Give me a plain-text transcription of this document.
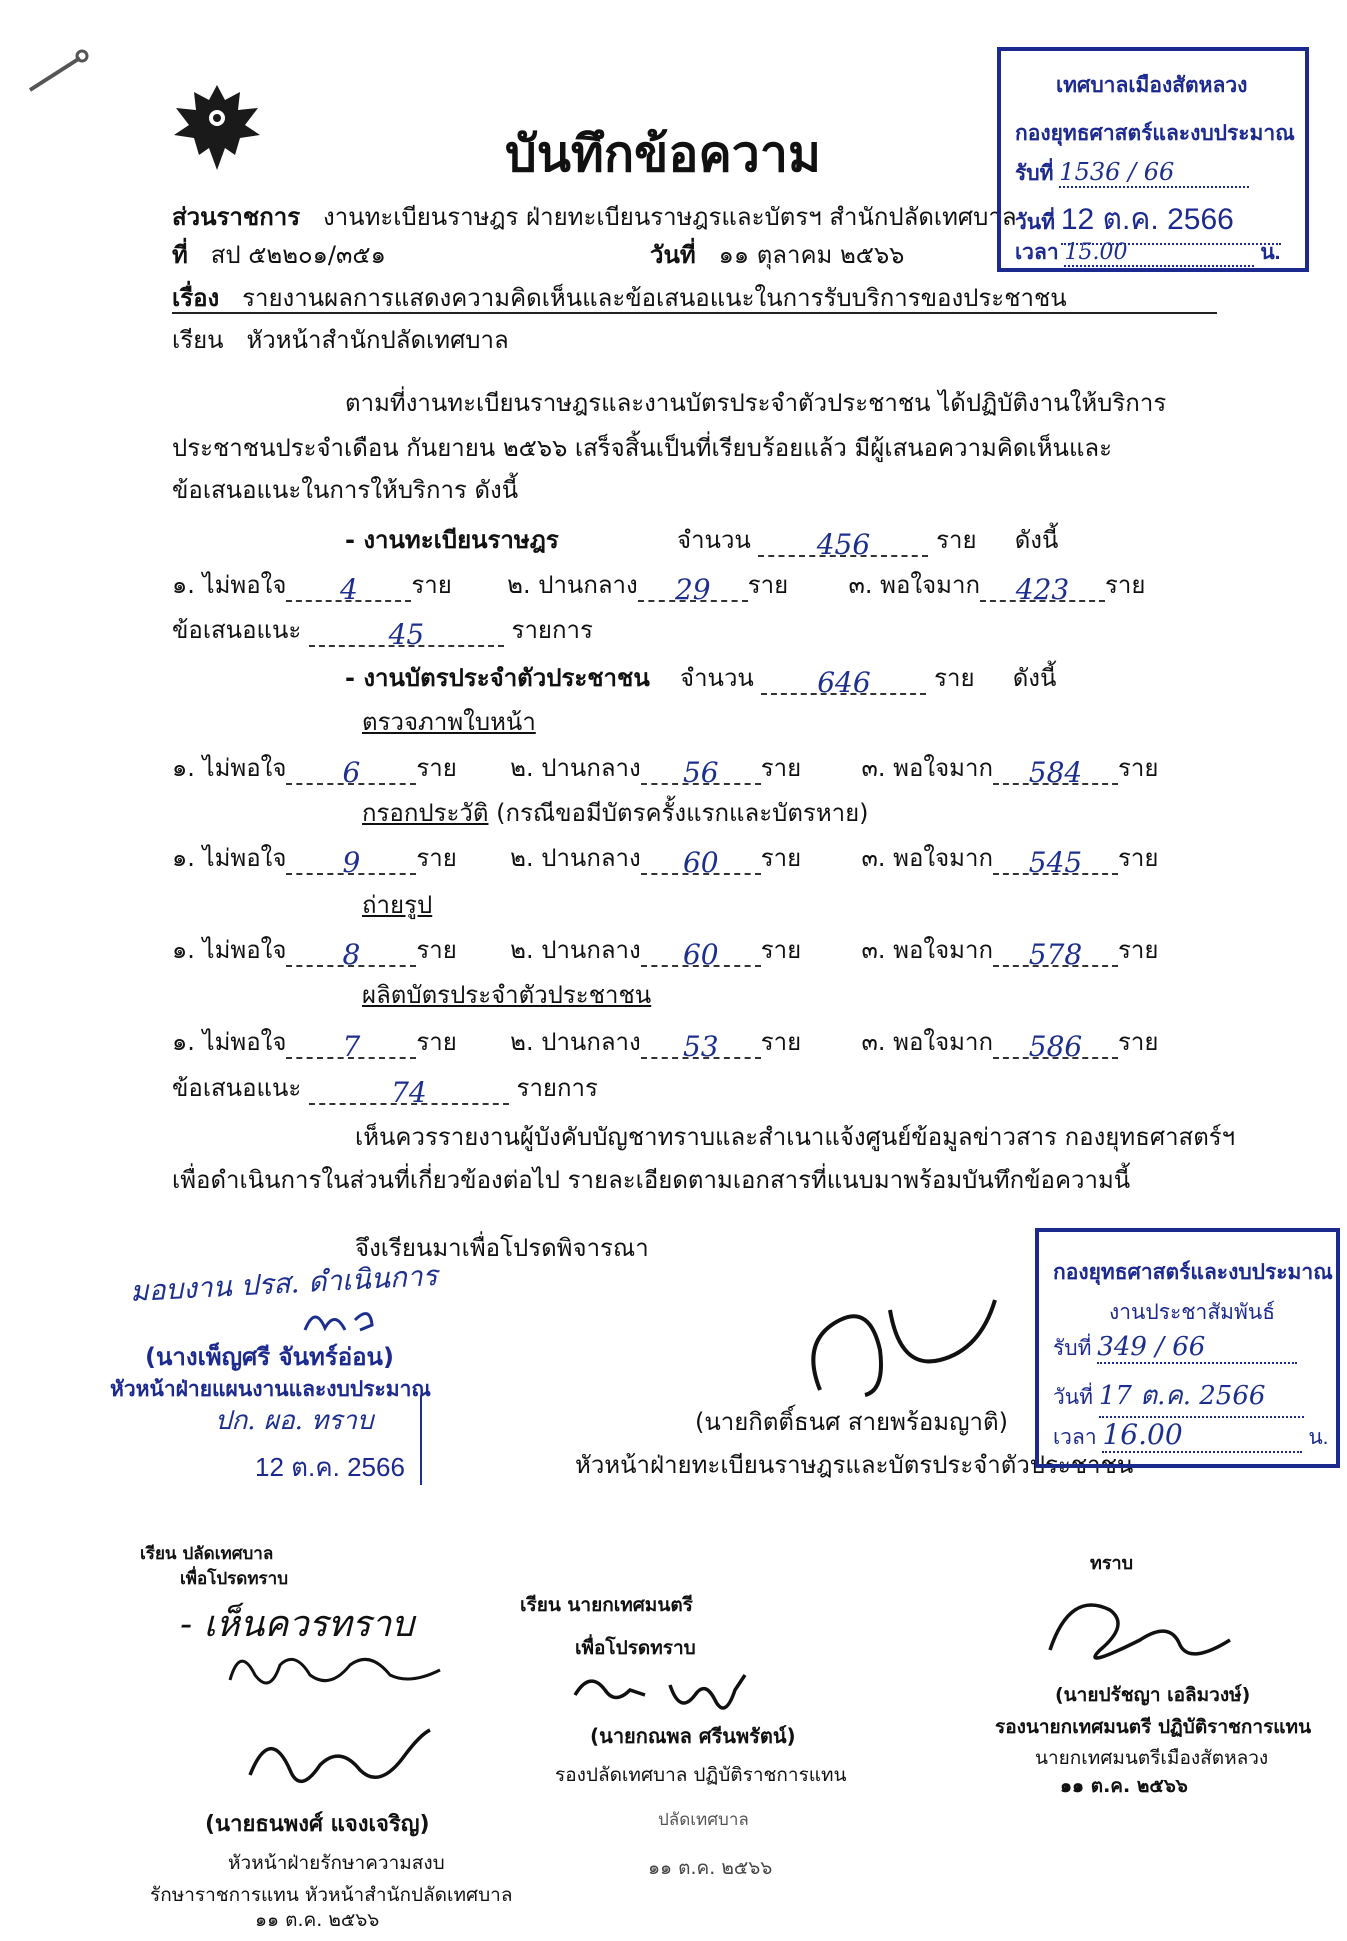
บันทึกข้อความ
ส่วนราชการ งานทะเบียนราษฎร ฝ่ายทะเบียนราษฎรและบัตรฯ สำนักปลัดเทศบาล
ที่ สป ๕๒๒๐๑/๓๕๑	วันที่ ๑๑ ตุลาคม ๒๕๖๖
เรื่อง รายงานผลการแสดงความคิดเห็นและข้อเสนอแนะในการรับบริการของประชาชน
เรียน หัวหน้าสำนักปลัดเทศบาล
เทศบาลเมืองสัตหลวง
กองยุทธศาสตร์และงบประมาณ
รับที่ 1536 / 66
วันที่ 12 ต.ค. 2566
เวลา 15.00	น.
ตามที่งานทะเบียนราษฎรและงานบัตรประจำตัวประชาชน ได้ปฏิบัติงานให้บริการ
ประชาชนประจำเดือน กันยายน ๒๕๖๖ เสร็จสิ้นเป็นที่เรียบร้อยแล้ว มีผู้เสนอความคิดเห็นและ
ข้อเสนอแนะในการให้บริการ ดังนี้
- งานทะเบียนราษฎร	จำนวน 456	ราย ดังนี้
๑. ไม่พอใจ 4 ราย ๒. ปานกลาง 29 ราย	๓. พอใจมาก 423 ราย
ข้อเสนอแนะ	45	รายการ
- งานบัตรประจำตัวประชาชน จำนวน 646	ราย ดังนี้
ตรวจภาพใบหน้า
๑. ไม่พอใจ 6 ราย ๒. ปานกลาง 56 ราย	๓. พอใจมาก 584 ราย
กรอกประวัติ (กรณีขอมีบัตรครั้งแรกและบัตรหาย)
๑. ไม่พอใจ 9 ราย ๒. ปานกลาง 60 ราย	๓. พอใจมาก 545 ราย
ถ่ายรูป
๑. ไม่พอใจ 8 ราย ๒. ปานกลาง 60 ราย	๓. พอใจมาก 578 ราย
ผลิตบัตรประจำตัวประชาชน
๑. ไม่พอใจ 7 ราย ๒. ปานกลาง 53 ราย	๓. พอใจมาก 586 ราย
ข้อเสนอแนะ	74	รายการ
เห็นควรรายงานผู้บังคับบัญชาทราบและสำเนาแจ้งศูนย์ข้อมูลข่าวสาร กองยุทธศาสตร์ฯ
เพื่อดำเนินการในส่วนที่เกี่ยวข้องต่อไป รายละเอียดตามเอกสารที่แนบมาพร้อมบันทึกข้อความนี้
จึงเรียนมาเพื่อโปรดพิจารณา
มอบงาน ปรส. ดำเนินการ
(นางเพ็ญศรี จันทร์อ่อน)
หัวหน้าฝ่ายแผนงานและงบประมาณ
ปก. ผอ. ทราบ
12 ต.ค. 2566
(นายกิตติ์ธนศ สายพร้อมญาติ)
หัวหน้าฝ่ายทะเบียนราษฎรและบัตรประจำตัวประชาชน
กองยุทธศาสตร์และงบประมาณ
งานประชาสัมพันธ์
รับที่ 349 / 66
วันที่ 17 ต.ค. 2566
เวลา 16.00	น.
เรียน ปลัดเทศบาล
เพื่อโปรดทราบ
- เห็นควรทราบ
(นายธนพงศ์ แจงเจริญ)
หัวหน้าฝ่ายรักษาความสงบ
รักษาราชการแทน หัวหน้าสำนักปลัดเทศบาล
๑๑ ต.ค. ๒๕๖๖
เรียน นายกเทศมนตรี
เพื่อโปรดทราบ
(นายกณพล ศรีนพรัตน์)
รองปลัดเทศบาล ปฏิบัติราชการแทน
ปลัดเทศบาล
๑๑ ต.ค. ๒๕๖๖
ทราบ
(นายปรัชญา เอลิมวงษ์)
รองนายกเทศมนตรี ปฏิบัติราชการแทน
นายกเทศมนตรีเมืองสัตหลวง
๑๑ ต.ค. ๒๕๖๖
